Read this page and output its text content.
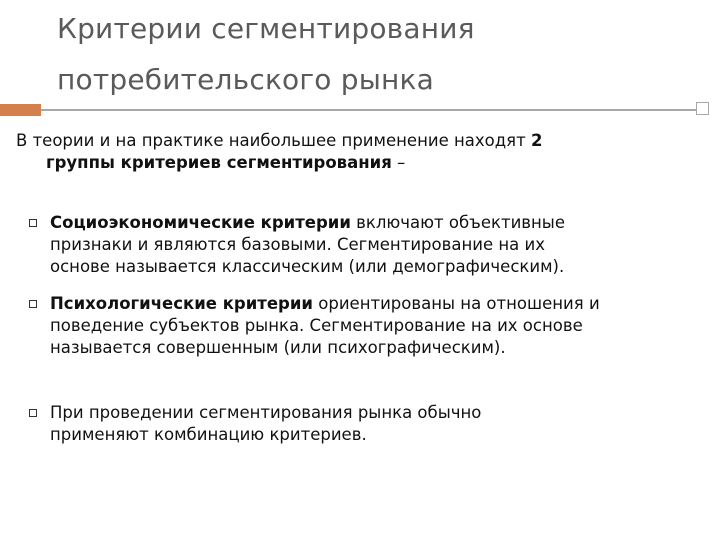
Критерии сегментирования
потребительского рынка
В теории и на практике наибольшее применение находят 2
группы критериев сегментирования –
Социоэкономические критерии включают объективные
признаки и являются базовыми. Сегментирование на их
основе называется классическим (или демографическим).
Психологические критерии ориентированы на отношения и
поведение субъектов рынка. Сегментирование на их основе
называется совершенным (или психографическим).
При проведении сегментирования рынка обычно
применяют комбинацию критериев.
